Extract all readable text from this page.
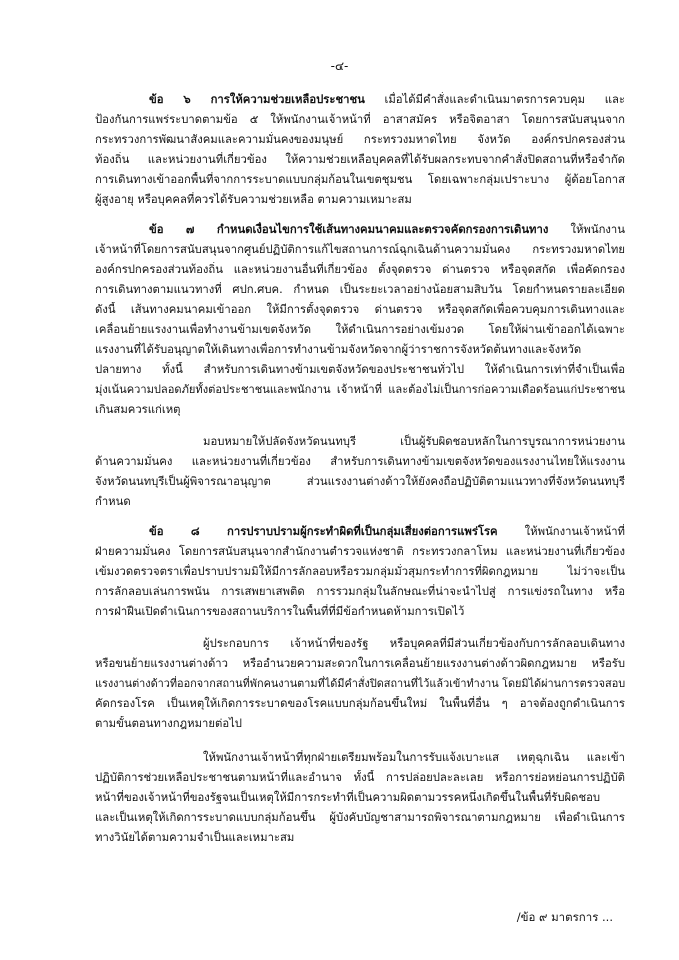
-๔-
ข้อ ๖ การให้ความช่วยเหลือประชาชน เมื่อได้มีคำสั่งและดำเนินมาตรการควบคุม และ
ป้องกันการแพร่ระบาดตามข้อ ๕ ให้พนักงานเจ้าหน้าที่ อาสาสมัคร หรือจิตอาสา โดยการสนับสนุนจาก
กระทรวงการพัฒนาสังคมและความมั่นคงของมนุษย์ กระทรวงมหาดไทย จังหวัด องค์กรปกครองส่วน
ท้องถิ่น และหน่วยงานที่เกี่ยวข้อง ให้ความช่วยเหลือบุคคลที่ได้รับผลกระทบจากคำสั่งปิดสถานที่หรือจำกัด
การเดินทางเข้าออกพื้นที่จากการระบาดแบบกลุ่มก้อนในเขตชุมชน โดยเฉพาะกลุ่มเปราะบาง ผู้ด้อยโอกาส
ผู้สูงอายุ หรือบุคคลที่ควรได้รับความช่วยเหลือ ตามความเหมาะสม
ข้อ ๗ กำหนดเงื่อนไขการใช้เส้นทางคมนาคมและตรวจคัดกรองการเดินทาง ให้พนักงาน
เจ้าหน้าที่โดยการสนับสนุนจากศูนย์ปฏิบัติการแก้ไขสถานการณ์ฉุกเฉินด้านความมั่นคง กระทรวงมหาดไทย
องค์กรปกครองส่วนท้องถิ่น และหน่วยงานอื่นที่เกี่ยวข้อง ตั้งจุดตรวจ ด่านตรวจ หรือจุดสกัด เพื่อคัดกรอง
การเดินทางตามแนวทางที่ ศปก.ศบค. กำหนด เป็นระยะเวลาอย่างน้อยสามสิบวัน โดยกำหนดรายละเอียด
ดังนี้ เส้นทางคมนาคมเข้าออก ให้มีการตั้งจุดตรวจ ด่านตรวจ หรือจุดสกัดเพื่อควบคุมการเดินทางและ
เคลื่อนย้ายแรงงานเพื่อทำงานข้ามเขตจังหวัด ให้ดำเนินการอย่างเข้มงวด โดยให้ผ่านเข้าออกได้เฉพาะ
แรงงานที่ได้รับอนุญาตให้เดินทางเพื่อการทำงานข้ามจังหวัดจากผู้ว่าราชการจังหวัดต้นทางและจังหวัด
ปลายทาง ทั้งนี้ สำหรับการเดินทางข้ามเขตจังหวัดของประชาชนทั่วไป ให้ดำเนินการเท่าที่จำเป็นเพื่อ
มุ่งเน้นความปลอดภัยทั้งต่อประชาชนและพนักงาน เจ้าหน้าที่ และต้องไม่เป็นการก่อความเดือดร้อนแก่ประชาชน
เกินสมควรแก่เหตุ
มอบหมายให้ปลัดจังหวัดนนทบุรี เป็นผู้รับผิดชอบหลักในการบูรณาการหน่วยงาน
ด้านความมั่นคง และหน่วยงานที่เกี่ยวข้อง สำหรับการเดินทางข้ามเขตจังหวัดของแรงงานไทยให้แรงงาน
จังหวัดนนทบุรีเป็นผู้พิจารณาอนุญาต ส่วนแรงงานต่างด้าวให้ยังคงถือปฏิบัติตามแนวทางที่จังหวัดนนทบุรี
กำหนด
ข้อ ๘ การปราบปรามผู้กระทำผิดที่เป็นกลุ่มเสี่ยงต่อการแพร่โรค ให้พนักงานเจ้าหน้าที่
ฝ่ายความมั่นคง โดยการสนับสนุนจากสำนักงานตำรวจแห่งชาติ กระทรวงกลาโหม และหน่วยงานที่เกี่ยวข้อง
เข้มงวดตรวจตราเพื่อปราบปรามมิให้มีการลักลอบหรือรวมกลุ่มมั่วสุมกระทำการที่ผิดกฎหมาย ไม่ว่าจะเป็น
การลักลอบเล่นการพนัน การเสพยาเสพติด การรวมกลุ่มในลักษณะที่น่าจะนำไปสู่ การแข่งรถในทาง หรือ
การฝ่าฝืนเปิดดำเนินการของสถานบริการในพื้นที่ที่มีข้อกำหนดห้ามการเปิดไว้
ผู้ประกอบการ เจ้าหน้าที่ของรัฐ หรือบุคคลที่มีส่วนเกี่ยวข้องกับการลักลอบเดินทาง
หรือขนย้ายแรงงานต่างด้าว หรืออำนวยความสะดวกในการเคลื่อนย้ายแรงงานต่างด้าวผิดกฎหมาย หรือรับ
แรงงานต่างด้าวที่ออกจากสถานที่พักคนงานตามที่ได้มีคำสั่งปิดสถานที่ไว้แล้วเข้าทำงาน โดยมิได้ผ่านการตรวจสอบ
คัดกรองโรค เป็นเหตุให้เกิดการระบาดของโรคแบบกลุ่มก้อนขึ้นใหม่ ในพื้นที่อื่น ๆ อาจต้องถูกดำเนินการ
ตามขั้นตอนทางกฎหมายต่อไป
ให้พนักงานเจ้าหน้าที่ทุกฝ่ายเตรียมพร้อมในการรับแจ้งเบาะแส เหตุฉุกเฉิน และเข้า
ปฏิบัติการช่วยเหลือประชาชนตามหน้าที่และอำนาจ ทั้งนี้ การปล่อยปละละเลย หรือการย่อหย่อนการปฏิบัติ
หน้าที่ของเจ้าหน้าที่ของรัฐจนเป็นเหตุให้มีการกระทำที่เป็นความผิดตามวรรคหนึ่งเกิดขึ้นในพื้นที่รับผิดชอบ
และเป็นเหตุให้เกิดการระบาดแบบกลุ่มก้อนขึ้น ผู้บังคับบัญชาสามารถพิจารณาตามกฎหมาย เพื่อดำเนินการ
ทางวินัยได้ตามความจำเป็นและเหมาะสม
/ข้อ ๙ มาตรการ ...
